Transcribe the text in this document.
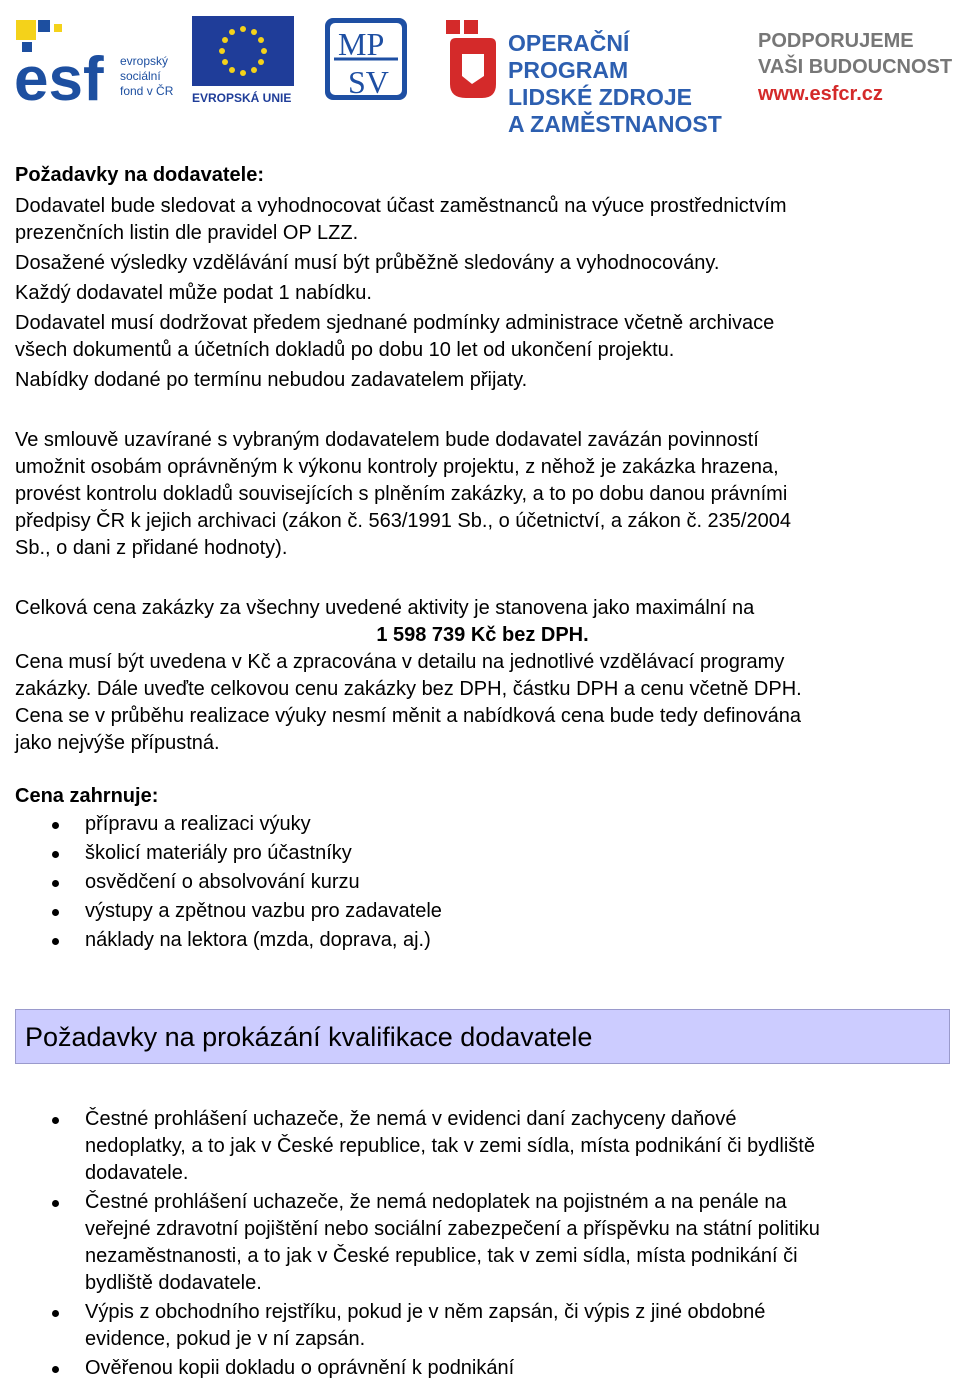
esf evropský
sociální
fond v ČR EVROPSKÁ UNIE
MP
SV
OPERAČNÍ PROGRAM
LIDSKÉ ZDROJE
A ZAMĚSTNANOST
PODPORUJEME
VAŠI BUDOUCNOST
www.esfcr.cz

Požadavky na dodavatele:

Dodavatel bude sledovat a vyhodnocovat účast zaměstnanců na výuce prostřednictvím

prezenčních listin dle pravidel OP LZZ.

Dosažené výsledky vzdělávání musí být průběžně sledovány a vyhodnocovány.

Každý dodavatel může podat 1 nabídku.

Dodavatel musí dodržovat předem sjednané podmínky administrace včetně archivace

všech dokumentů a účetních dokladů po dobu 10 let od ukončení projektu.

Nabídky dodané po termínu nebudou zadavatelem přijaty.

Ve smlouvě uzavírané s vybraným dodavatelem bude dodavatel zavázán povinností

umožnit osobám oprávněným k výkonu kontroly projektu, z něhož je zakázka hrazena,

provést kontrolu dokladů souvisejících s plněním zakázky, a to po dobu danou právními

předpisy ČR k jejich archivaci (zákon č. 563/1991 Sb., o účetnictví, a zákon č. 235/2004

Sb., o dani z přidané hodnoty).

Celková cena zakázky za všechny uvedené aktivity je stanovena jako maximální na

1 598 739 Kč bez DPH.

Cena musí být uvedena v Kč a zpracována v detailu na jednotlivé vzdělávací programy

zakázky. Dále uveďte celkovou cenu zakázky bez DPH, částku DPH a cenu včetně DPH.

Cena se v průběhu realizace výuky nesmí měnit a nabídková cena bude tedy definována

jako nejvýše přípustná.

Cena zahrnuje:

přípravu a realizaci výuky
školicí materiály pro účastníky
osvědčení o absolvování kurzu
výstupy a zpětnou vazbu pro zadavatele
náklady na lektora (mzda, doprava, aj.)
Požadavky na prokázání kvalifikace dodavatele
Čestné prohlášení uchazeče, že nemá v evidenci daní zachyceny daňové
nedoplatky, a to jak v České republice, tak v zemi sídla, místa podnikání či bydliště
dodavatele.
Čestné prohlášení uchazeče, že nemá nedoplatek na pojistném a na penále na
veřejné zdravotní pojištění nebo sociální zabezpečení a příspěvku na státní politiku
nezaměstnanosti, a to jak v České republice, tak v zemi sídla, místa podnikání či
bydliště dodavatele.
Výpis z obchodního rejstříku, pokud je v něm zapsán, či výpis z jiné obdobné
evidence, pokud je v ní zapsán.
Ověřenou kopii dokladu o oprávnění k podnikání
